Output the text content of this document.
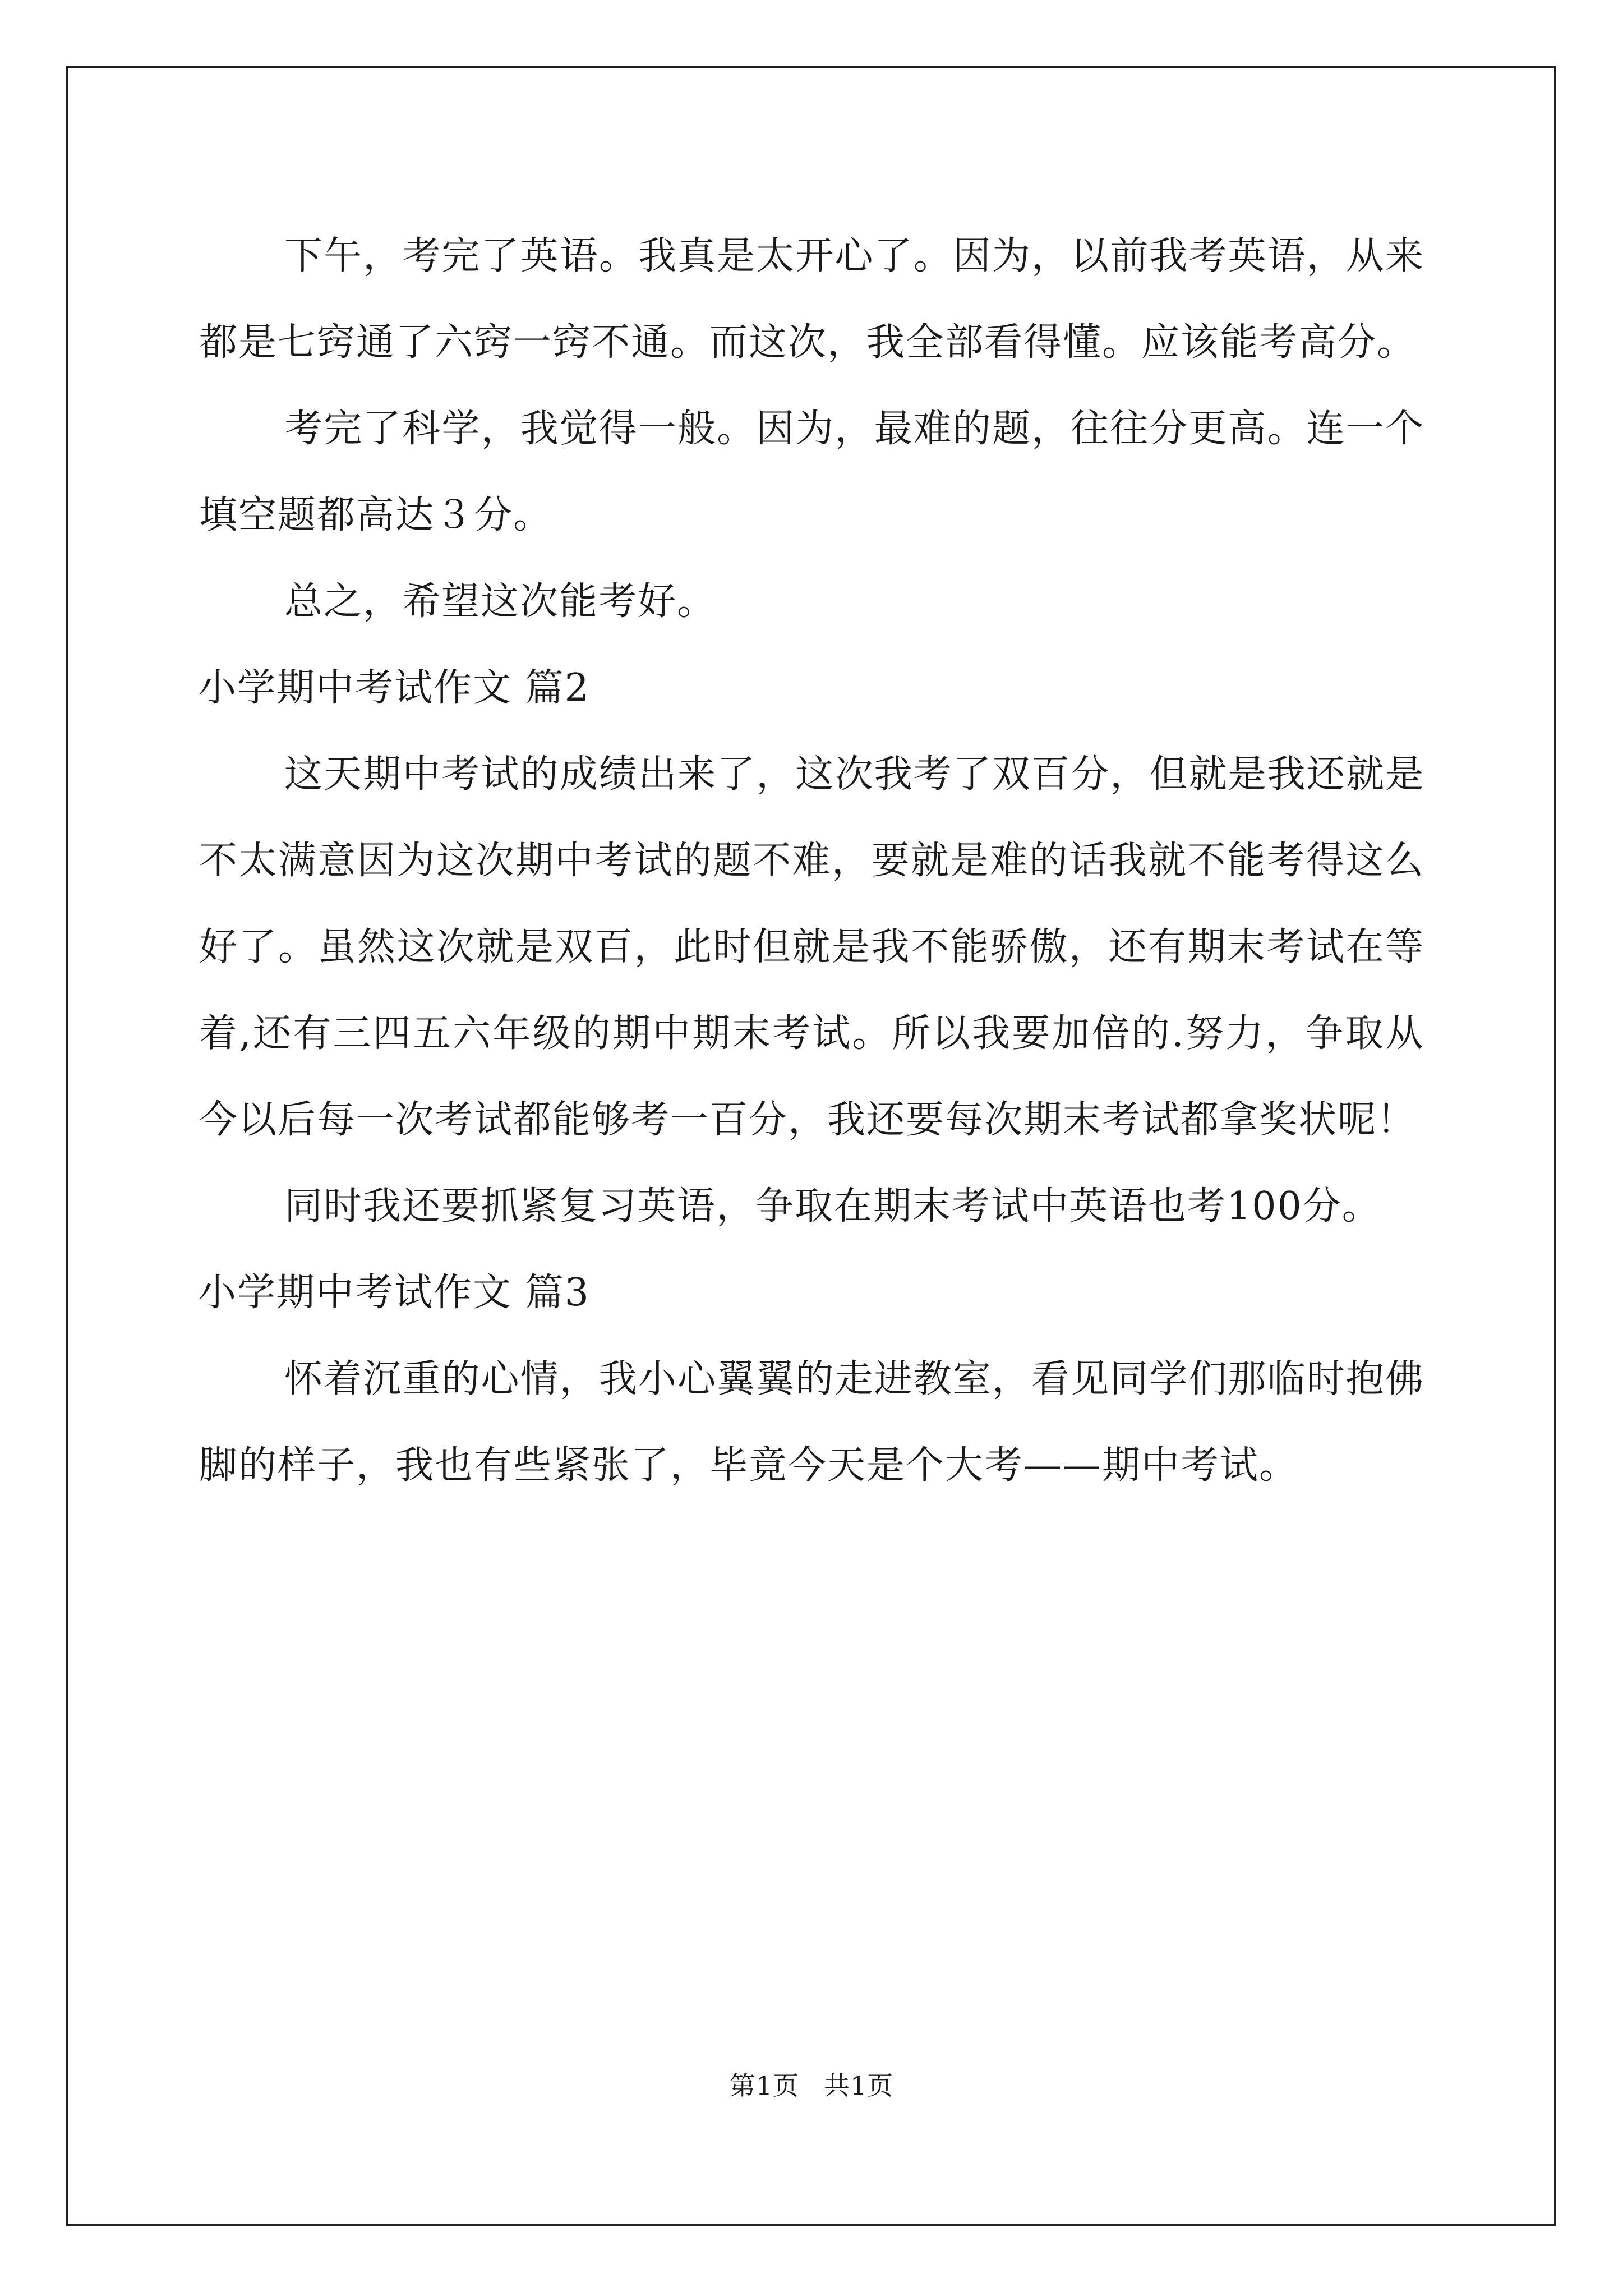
下午，考完了英语。我真是太开心了。因为，以前我考英语，从来都是七窍通了六窍一窍不通。而这次，我全部看得懂。应该能考高分。

考完了科学，我觉得一般。因为，最难的题，往往分更高。连一个填空题都高达３分。

总之，希望这次能考好。

小学期中考试作文 篇2

这天期中考试的成绩出来了，这次我考了双百分，但就是我还就是不太满意因为这次期中考试的题不难，要就是难的话我就不能考得这么好了。虽然这次就是双百，此时但就是我不能骄傲，还有期末考试在等着,还有三四五六年级的期中期末考试。所以我要加倍的.努力，争取从今以后每一次考试都能够考一百分，我还要每次期末考试都拿奖状呢！

同时我还要抓紧复习英语，争取在期末考试中英语也考100分。

小学期中考试作文 篇3

怀着沉重的心情，我小心翼翼的走进教室，看见同学们那临时抱佛脚的样子，我也有些紧张了，毕竟今天是个大考——期中考试。

第1页 共1页
